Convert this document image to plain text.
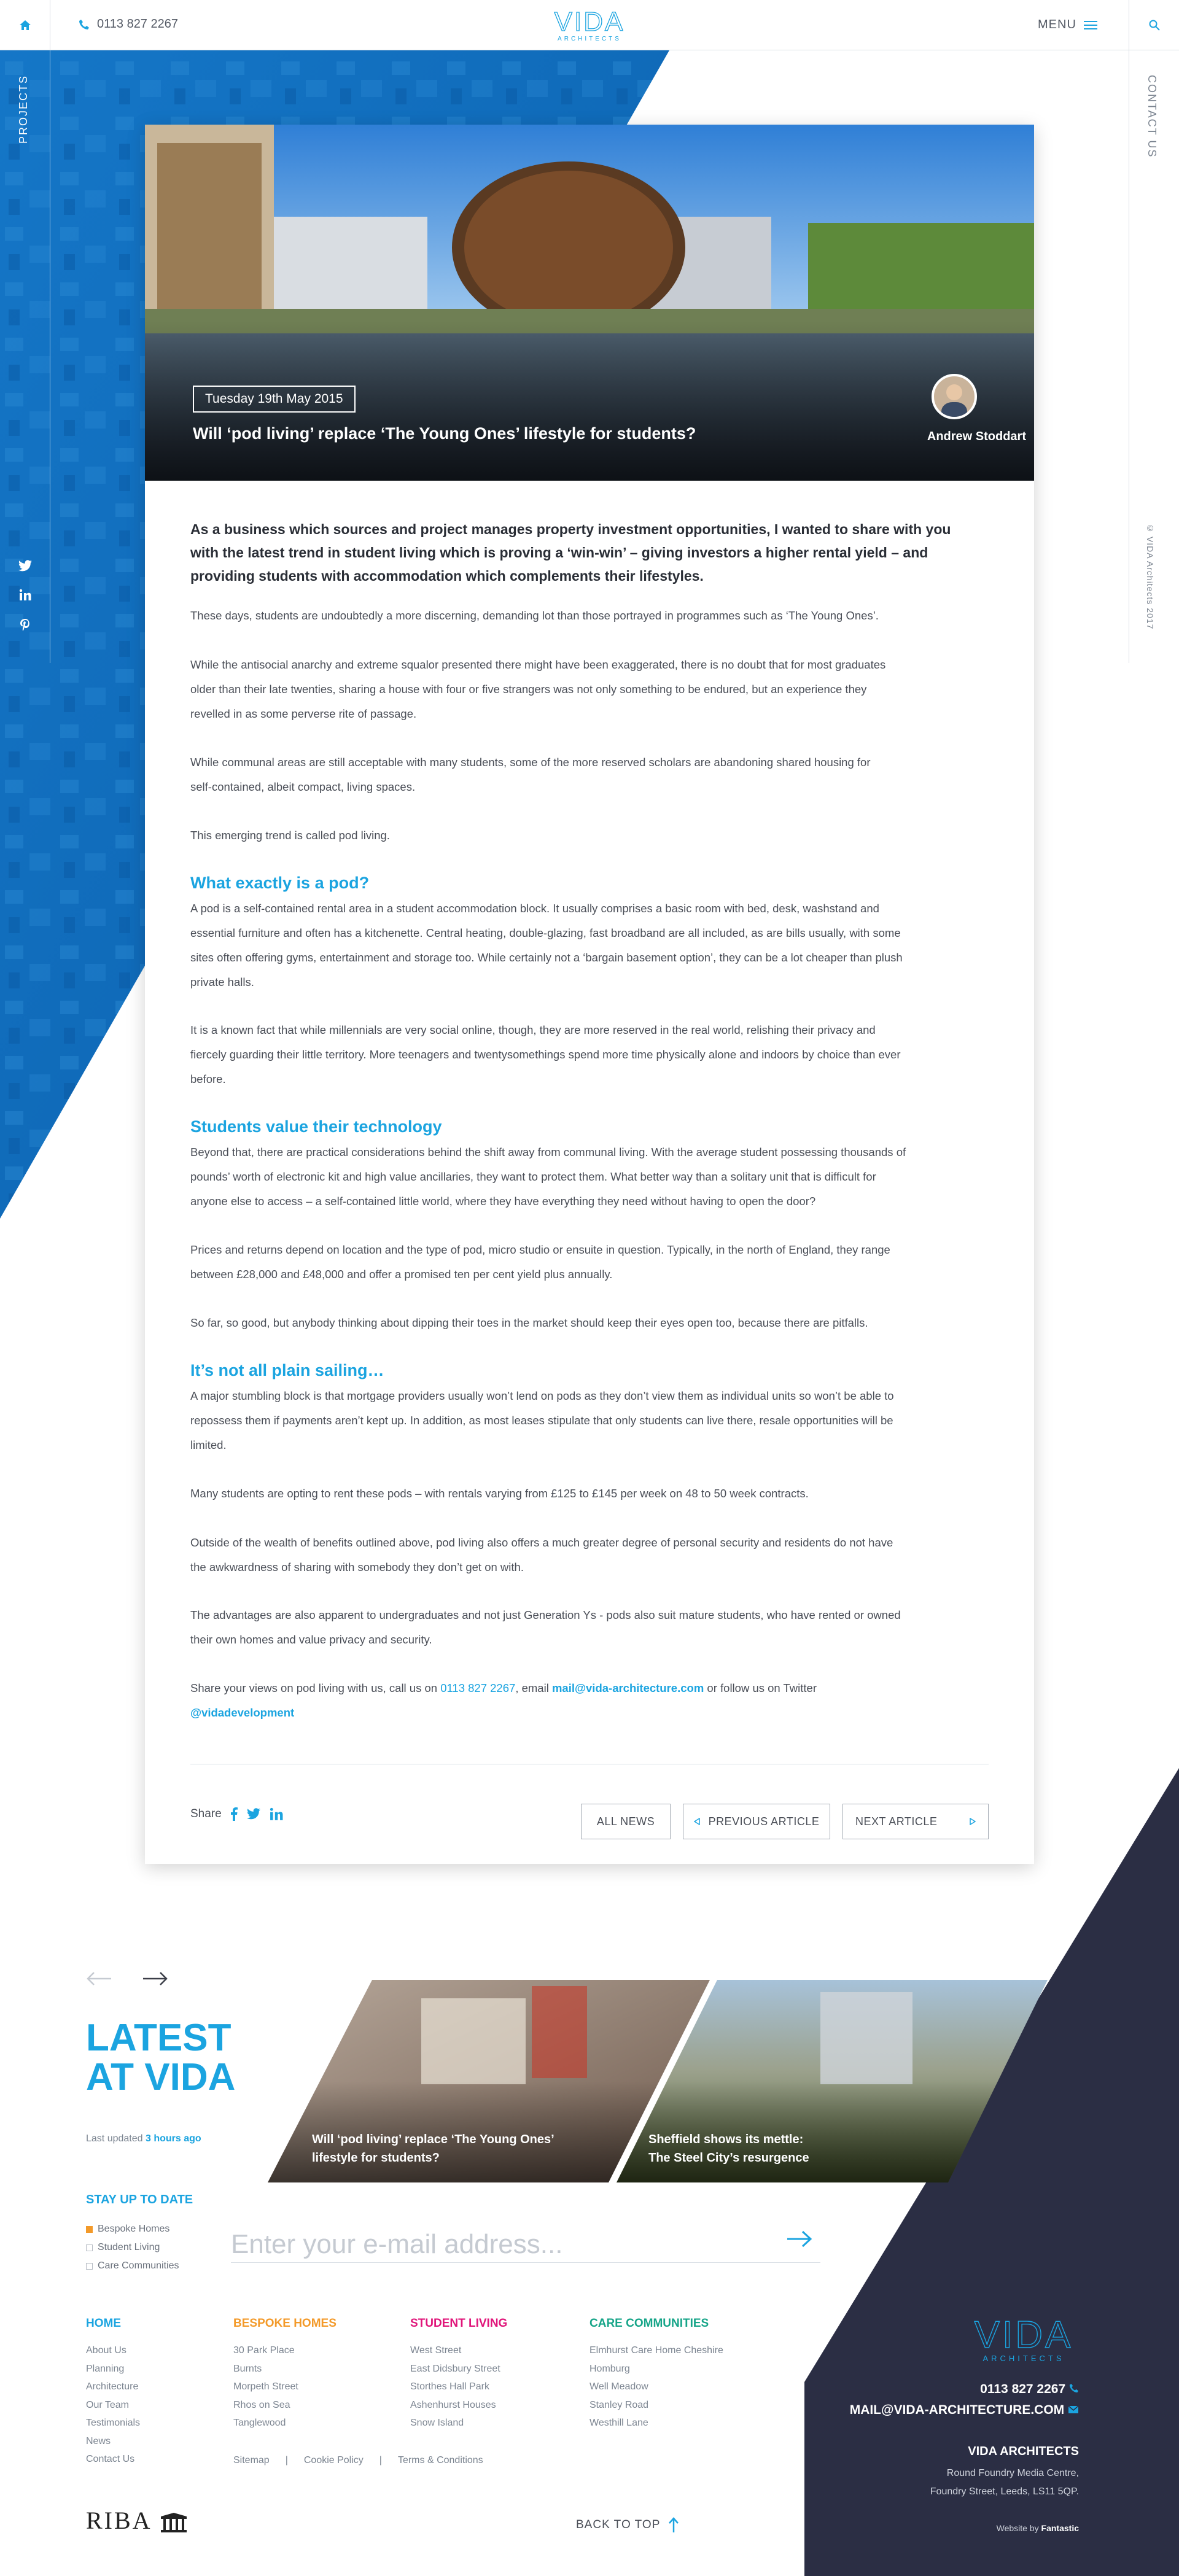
0113 827 2267	VIDA
ARCHITECTS
MENU
PROJECTS	CONTACT US
© VIDA Architects 2017
Tuesday 19th May 2015
Will ‘pod living’ replace ‘The Young Ones’ lifestyle for students?	Andrew Stoddart
As a business which sources and project manages property investment opportunities, I wanted to share with you
with the latest trend in student living which is proving a ‘win-win’ – giving investors a higher rental yield – and
providing students with accommodation which complements their lifestyles.
These days, students are undoubtedly a more discerning, demanding lot than those portrayed in programmes such as ‘The Young Ones’.
While the antisocial anarchy and extreme squalor presented there might have been exaggerated, there is no doubt that for most graduates
older than their late twenties, sharing a house with four or five strangers was not only something to be endured, but an experience they
revelled in as some perverse rite of passage.
While communal areas are still acceptable with many students, some of the more reserved scholars are abandoning shared housing for
self-contained, albeit compact, living spaces.
This emerging trend is called pod living.
What exactly is a pod?
A pod is a self-contained rental area in a student accommodation block. It usually comprises a basic room with bed, desk, washstand and
essential furniture and often has a kitchenette. Central heating, double-glazing, fast broadband are all included, as are bills usually, with some
sites often offering gyms, entertainment and storage too. While certainly not a ‘bargain basement option’, they can be a lot cheaper than plush
private halls.
It is a known fact that while millennials are very social online, though, they are more reserved in the real world, relishing their privacy and
fiercely guarding their little territory. More teenagers and twentysomethings spend more time physically alone and indoors by choice than ever
before.
Students value their technology
Beyond that, there are practical considerations behind the shift away from communal living. With the average student possessing thousands of
pounds’ worth of electronic kit and high value ancillaries, they want to protect them. What better way than a solitary unit that is difficult for
anyone else to access – a self-contained little world, where they have everything they need without having to open the door?
Prices and returns depend on location and the type of pod, micro studio or ensuite in question. Typically, in the north of England, they range
between £28,000 and £48,000 and offer a promised ten per cent yield plus annually.
So far, so good, but anybody thinking about dipping their toes in the market should keep their eyes open too, because there are pitfalls.
It’s not all plain sailing…
A major stumbling block is that mortgage providers usually won’t lend on pods as they don’t view them as individual units so won’t be able to
repossess them if payments aren’t kept up. In addition, as most leases stipulate that only students can live there, resale opportunities will be
limited.
Many students are opting to rent these pods – with rentals varying from £125 to £145 per week on 48 to 50 week contracts.
Outside of the wealth of benefits outlined above, pod living also offers a much greater degree of personal security and residents do not have
the awkwardness of sharing with somebody they don’t get on with.
The advantages are also apparent to undergraduates and not just Generation Ys - pods also suit mature students, who have rented or owned
their own homes and value privacy and security.
Share your views on pod living with us, call us on 0113 827 2267, email mail@vida-architecture.com or follow us on Twitter
@vidadevelopment
Share
ALL NEWS	PREVIOUS ARTICLE	NEXT ARTICLE
LATEST
AT VIDA
Last updated 3 hours ago	Will ‘pod living’ replace ‘The Young Ones’
lifestyle for students?
Sheffield shows its mettle:
The Steel City’s resurgence
STAY UP TO DATE
Bespoke Homes
Student Living
Care Communities
Enter your e-mail address...
HOME
About Us
Planning
Architecture
Our Team
Testimonials
News
Contact Us
BESPOKE HOMES
30 Park Place
Burnts
Morpeth Street
Rhos on Sea
Tanglewood
STUDENT LIVING
West Street
East Didsbury Street
Storthes Hall Park
Ashenhurst Houses
Snow Island
CARE COMMUNITIES
Elmhurst Care Home Cheshire
Homburg
Well Meadow
Stanley Road
Westhill Lane
Sitemap | Cookie Policy | Terms & Conditions
RIBA	BACK TO TOP
VIDA
ARCHITECTS
0113 827 2267
MAIL@VIDA-ARCHITECTURE.COM
VIDA ARCHITECTS
Round Foundry Media Centre,
Foundry Street, Leeds, LS11 5QP.
Website by Fantastic
